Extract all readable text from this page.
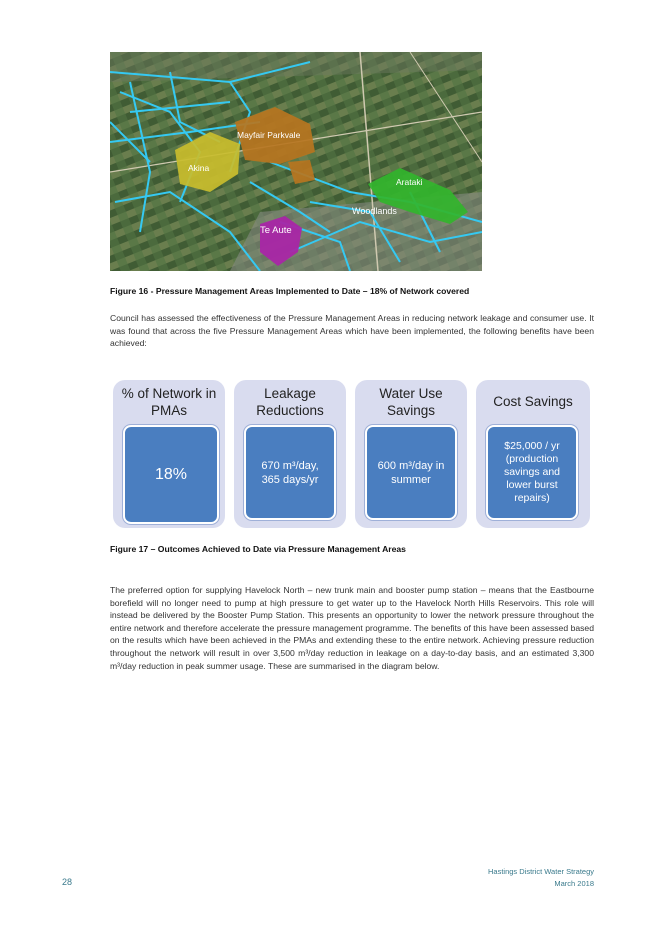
Mayfair Parkvale
Akina
Arataki
Woodlands
Te Aute
Figure 16 - Pressure Management Areas Implemented to Date – 18% of Network covered
Council has assessed the effectiveness of the Pressure Management Areas in reducing network leakage and consumer use. It was found that across the five Pressure Management Areas which have been implemented, the following benefits have been achieved:
% of Network in PMAs
18%
Leakage Reductions
670 m³/day, 365 days/yr
Water Use Savings
600 m³/day in summer
Cost Savings
$25,000 / yr (production savings and lower burst repairs)
Figure 17 – Outcomes Achieved to Date via Pressure Management Areas
The preferred option for supplying Havelock North – new trunk main and booster pump station – means that the Eastbourne borefield will no longer need to pump at high pressure to get water up to the Havelock North Hills Reservoirs. This role will instead be delivered by the Booster Pump Station. This presents an opportunity to lower the network pressure throughout the entire network and therefore accelerate the pressure management programme. The benefits of this have been assessed based on the results which have been achieved in the PMAs and extending these to the entire network. Achieving pressure reduction throughout the network will result in over 3,500 m³/day reduction in leakage on a day-to-day basis, and an estimated 3,300 m³/day reduction in peak summer usage. These are summarised in the diagram below.
Hastings District Water Strategy
March 2018
28
